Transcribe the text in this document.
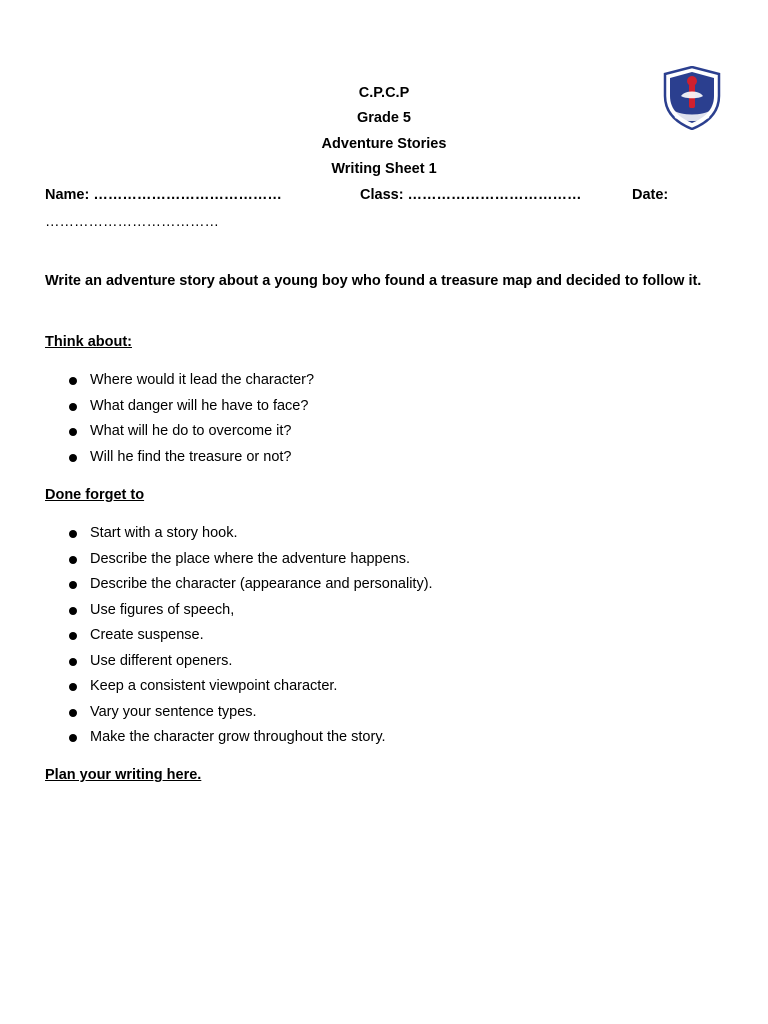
C.P.C.P
Grade 5
Adventure Stories
Writing Sheet 1
Name: …………………………………	Class: ………………………………	Date:
………………………………
Write an adventure story about a young boy who found a treasure map and decided to follow it.
Think about:
Where would it lead the character?
What danger will he have to face?
What will he do to overcome it?
Will he find the treasure or not?
Done forget to
Start with a story hook.
Describe the place where the adventure happens.
Describe the character (appearance and personality).
Use figures of speech,
Create suspense.
Use different openers.
Keep a consistent viewpoint character.
Vary your sentence types.
Make the character grow throughout the story.
Plan your writing here.
